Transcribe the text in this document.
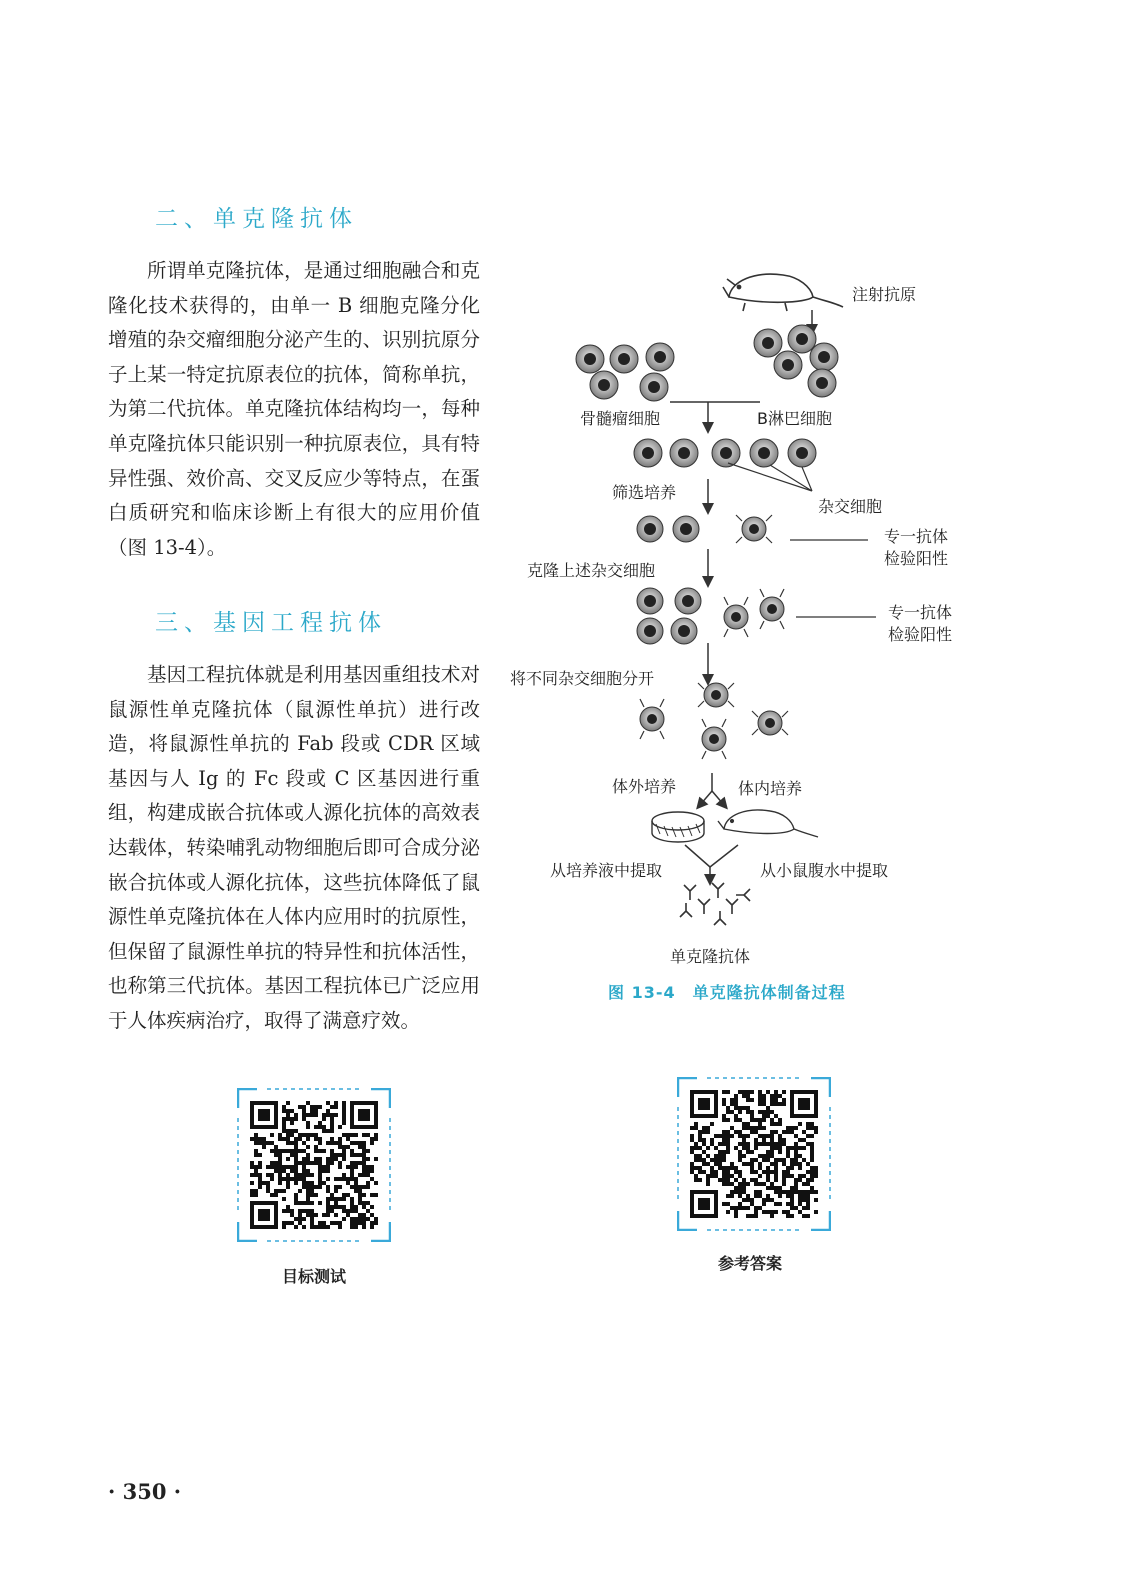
二、单克隆抗体

所谓单克隆抗体，是通过细胞融合和克隆化技术获得的，由单一 B 细胞克隆分化增殖的杂交瘤细胞分泌产生的、识别抗原分子上某一特定抗原表位的抗体，简称单抗，为第二代抗体。单克隆抗体结构均一，每种单克隆抗体只能识别一种抗原表位，具有特异性强、效价高、交叉反应少等特点，在蛋白质研究和临床诊断上有很大的应用价值（图 13-4）。

三、基因工程抗体

基因工程抗体就是利用基因重组技术对鼠源性单克隆抗体（鼠源性单抗）进行改造，将鼠源性单抗的 Fab 段或 CDR 区域基因与人 Ig 的 Fc 段或 C 区基因进行重组，构建成嵌合抗体或人源化抗体的高效表达载体，转染哺乳动物细胞后即可合成分泌嵌合抗体或人源化抗体，这些抗体降低了鼠源性单克隆抗体在人体内应用时的抗原性，但保留了鼠源性单抗的特异性和抗体活性，也称第三代抗体。基因工程抗体已广泛应用于人体疾病治疗，取得了满意疗效。

注射抗原
骨髓瘤细胞	B淋巴细胞
筛选培养
杂交细胞
专一抗体
检验阳性
克隆上述杂交细胞
专一抗体
检验阳性
将不同杂交细胞分开
体外培养	体内培养
从培养液中提取	从小鼠腹水中提取
单克隆抗体
图 13-4　单克隆抗体制备过程
目标测试
参考答案
· 350 ·
